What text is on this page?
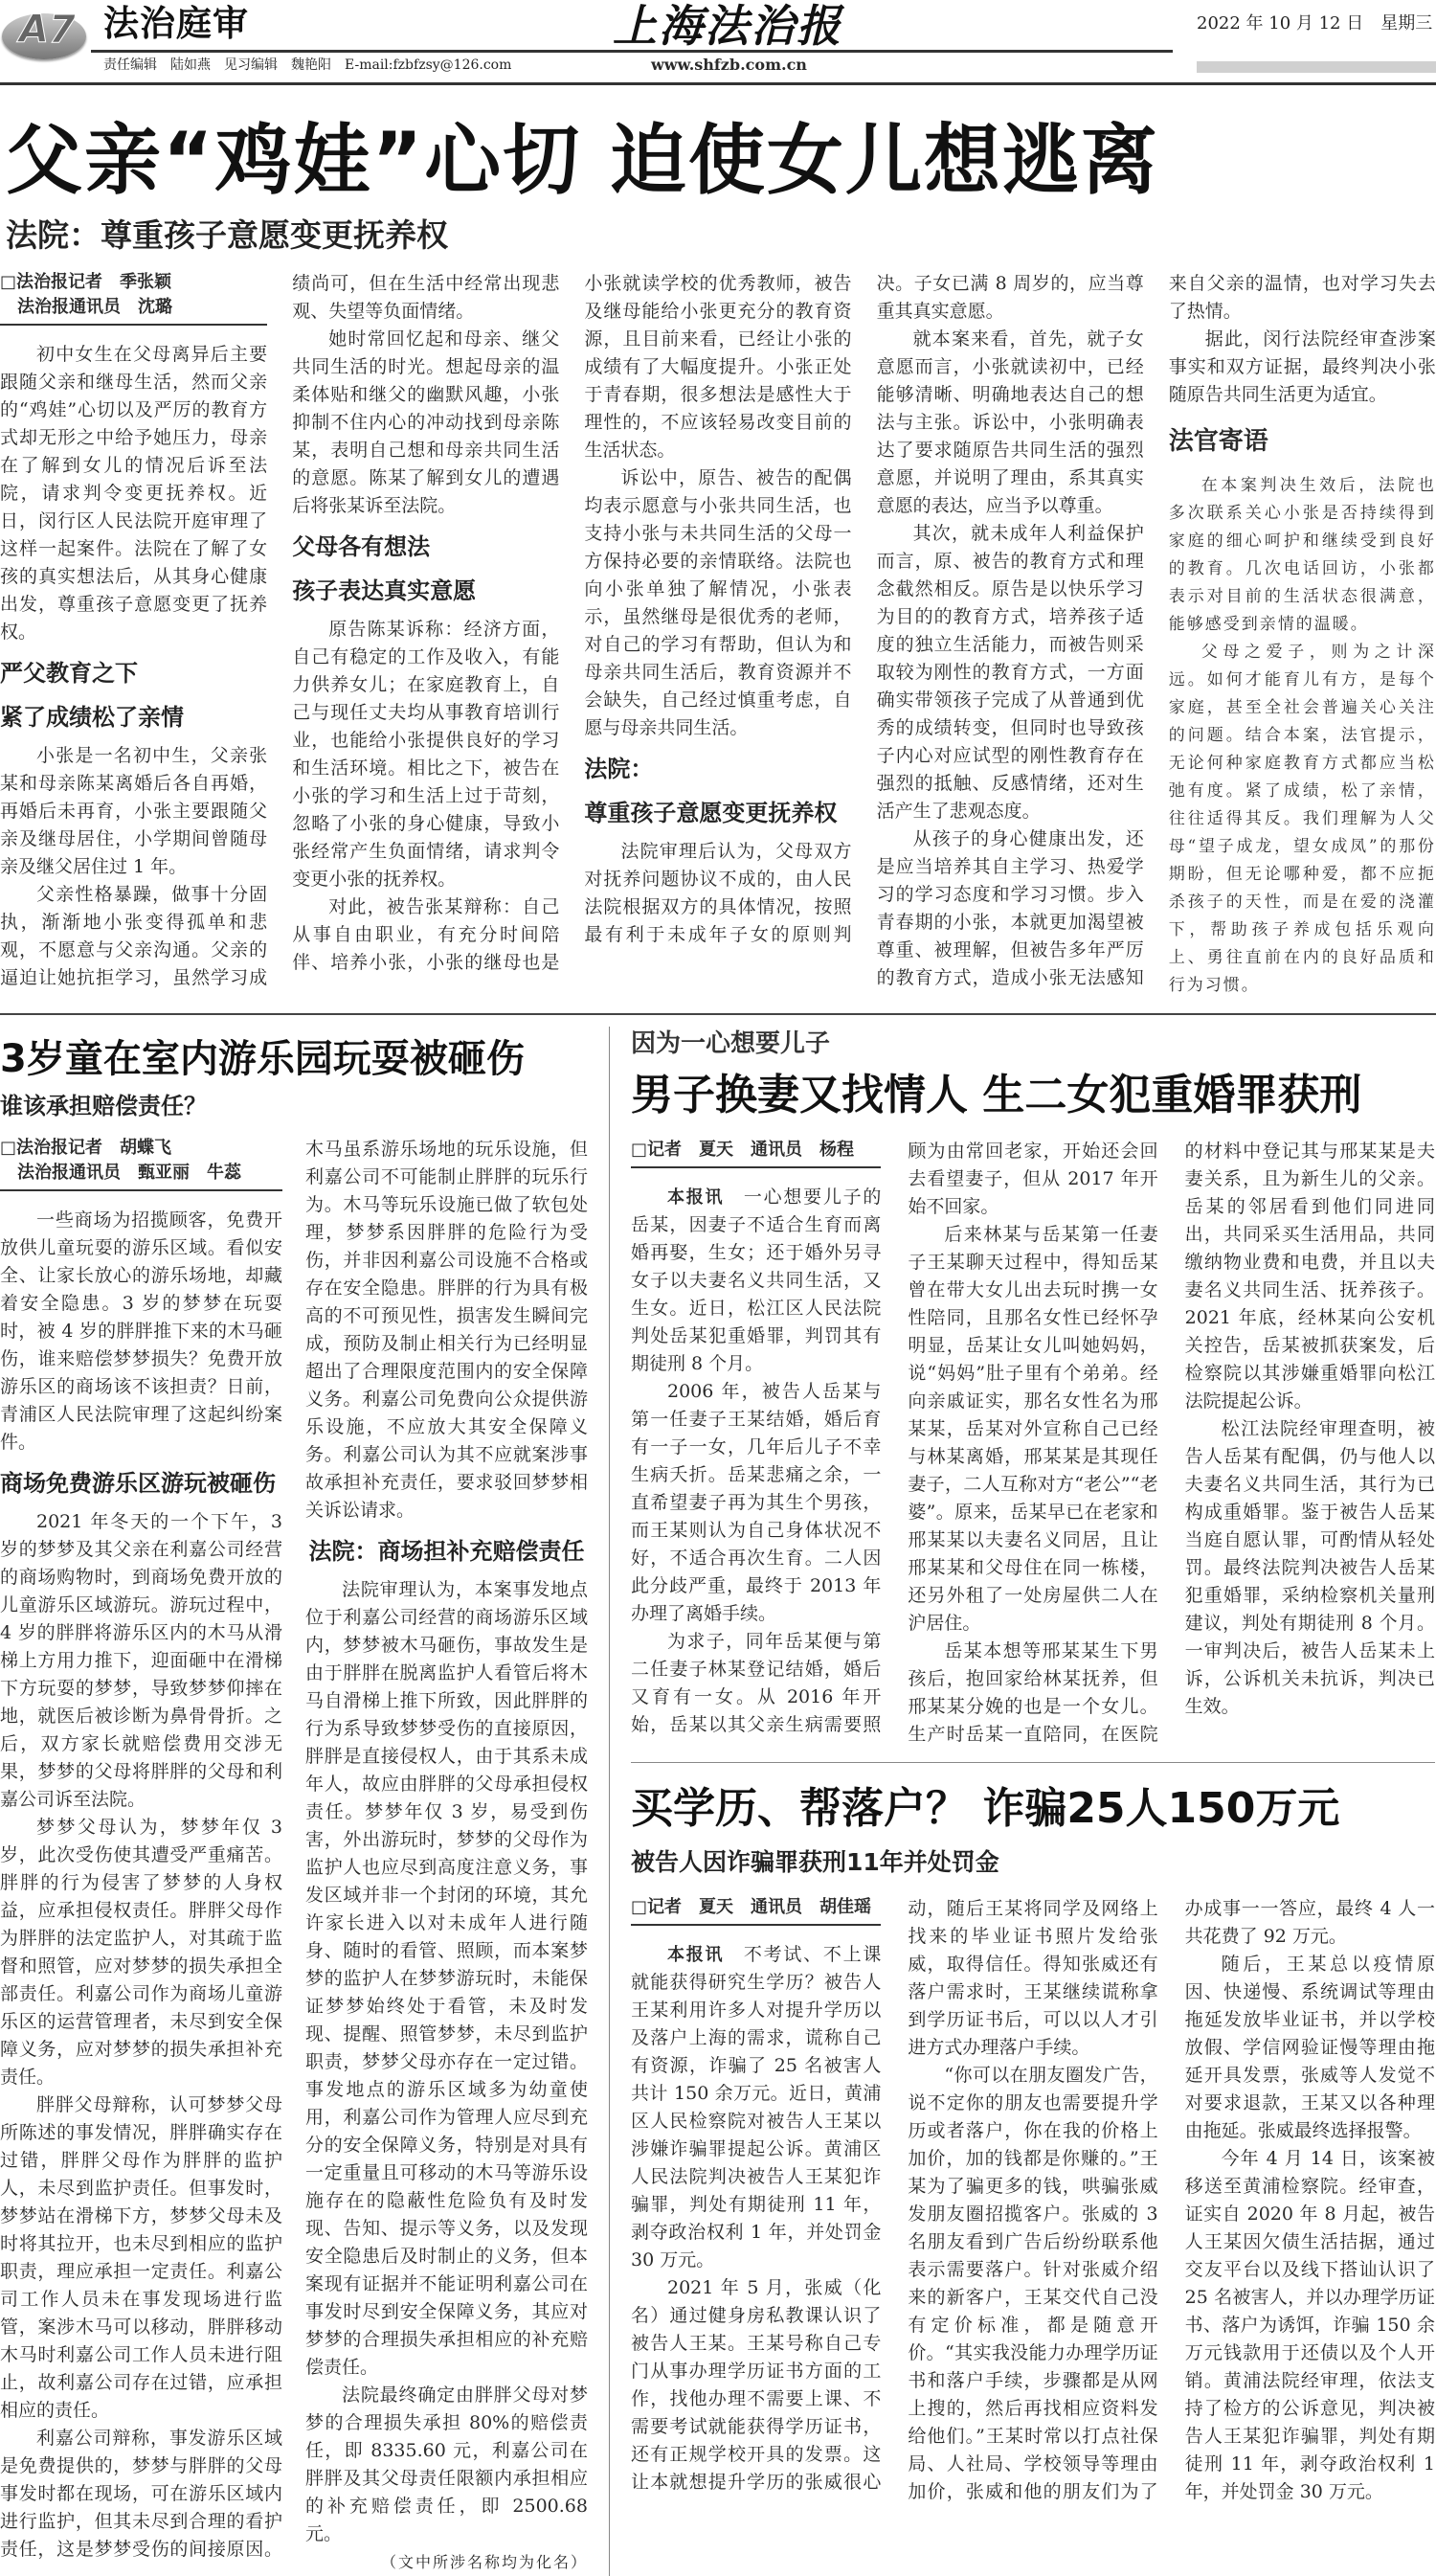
A7 法治庭审
责任编辑　陆如燕　见习编辑　魏艳阳　E-mail:fzbfzsy@126.com
上海法治报
www.shfzb.com.cn
2022 年 10 月 12 日　星期三
父亲“鸡娃”心切 迫使女儿想逃离
法院：尊重孩子意愿变更抚养权
□法治报记者　季张颖
　法治报通讯员　沈璐

初中女生在父母离异后主要跟随父亲和继母生活，然而父亲的“鸡娃”心切以及严厉的教育方式却无形之中给予她压力，母亲在了解到女儿的情况后诉至法院，请求判令变更抚养权。近日，闵行区人民法院开庭审理了这样一起案件。法院在了解了女孩的真实想法后，从其身心健康出发，尊重孩子意愿变更了抚养权。

严父教育之下
紧了成绩松了亲情

小张是一名初中生，父亲张某和母亲陈某离婚后各自再婚，再婚后未再育，小张主要跟随父亲及继母居住，小学期间曾随母亲及继父居住过 1 年。

父亲性格暴躁，做事十分固执，渐渐地小张变得孤单和悲观，不愿意与父亲沟通。父亲的逼迫让她抗拒学习，虽然学习成绩尚可，但在生活中经常出现悲观、失望等负面情绪。

她时常回忆起和母亲、继父共同生活的时光。想起母亲的温柔体贴和继父的幽默风趣，小张抑制不住内心的冲动找到母亲陈某，表明自己想和母亲共同生活的意愿。陈某了解到女儿的遭遇后将张某诉至法院。

父母各有想法
孩子表达真实意愿

原告陈某诉称：经济方面，自己有稳定的工作及收入，有能力供养女儿；在家庭教育上，自己与现任丈夫均从事教育培训行业，也能给小张提供良好的学习和生活环境。相比之下，被告在小张的学习和生活上过于苛刻，忽略了小张的身心健康，导致小张经常产生负面情绪，请求判令变更小张的抚养权。

对此，被告张某辩称：自己从事自由职业，有充分时间陪伴、培养小张，小张的继母也是小张就读学校的优秀教师，被告及继母能给小张更充分的教育资源，且目前来看，已经让小张的成绩有了大幅度提升。小张正处于青春期，很多想法是感性大于理性的，不应该轻易改变目前的生活状态。

诉讼中，原告、被告的配偶均表示愿意与小张共同生活，也支持小张与未共同生活的父母一方保持必要的亲情联络。法院也向小张单独了解情况，小张表示，虽然继母是很优秀的老师，对自己的学习有帮助，但认为和母亲共同生活后，教育资源并不会缺失，自己经过慎重考虑，自愿与母亲共同生活。

法院：
尊重孩子意愿变更抚养权

法院审理后认为，父母双方对抚养问题协议不成的，由人民法院根据双方的具体情况，按照最有利于未成年子女的原则判决。子女已满 8 周岁的，应当尊重其真实意愿。

就本案来看，首先，就子女意愿而言，小张就读初中，已经能够清晰、明确地表达自己的想法与主张。诉讼中，小张明确表达了要求随原告共同生活的强烈意愿，并说明了理由，系其真实意愿的表达，应当予以尊重。

其次，就未成年人利益保护而言，原、被告的教育方式和理念截然相反。原告是以快乐学习为目的的教育方式，培养孩子适度的独立生活能力，而被告则采取较为刚性的教育方式，一方面确实带领孩子完成了从普通到优秀的成绩转变，但同时也导致孩子内心对应试型的刚性教育存在强烈的抵触、反感情绪，还对生活产生了悲观态度。

从孩子的身心健康出发，还是应当培养其自主学习、热爱学习的学习态度和学习习惯。步入青春期的小张，本就更加渴望被尊重、被理解，但被告多年严厉的教育方式，造成小张无法感知来自父亲的温情，也对学习失去了热情。

据此，闵行法院经审查涉案事实和双方证据，最终判决小张随原告共同生活更为适宜。

法官寄语

在本案判决生效后，法院也多次联系关心小张是否持续得到家庭的细心呵护和继续受到良好的教育。几次电话回访，小张都表示对目前的生活状态很满意，能够感受到亲情的温暖。

父母之爱子，则为之计深远。如何才能育儿有方，是每个家庭，甚至全社会普遍关心关注的问题。结合本案，法官提示，无论何种家庭教育方式都应当松弛有度。紧了成绩，松了亲情，往往适得其反。我们理解为人父母“望子成龙，望女成凤”的那份期盼，但无论哪种爱，都不应扼杀孩子的天性，而是在爱的浇灌下，帮助孩子养成包括乐观向上、勇往直前在内的良好品质和行为习惯。

3岁童在室内游乐园玩耍被砸伤
谁该承担赔偿责任？
□法治报记者　胡蝶飞
　法治报通讯员　甄亚丽　牛蕊

一些商场为招揽顾客，免费开放供儿童玩耍的游乐区域。看似安全、让家长放心的游乐场地，却藏着安全隐患。3 岁的梦梦在玩耍时，被 4 岁的胖胖推下来的木马砸伤，谁来赔偿梦梦损失？免费开放游乐区的商场该不该担责？日前，青浦区人民法院审理了这起纠纷案件。

商场免费游乐区游玩被砸伤

2021 年冬天的一个下午，3 岁的梦梦及其父亲在利嘉公司经营的商场购物时，到商场免费开放的儿童游乐区域游玩。游玩过程中，4 岁的胖胖将游乐区内的木马从滑梯上方用力推下，迎面砸中在滑梯下方玩耍的梦梦，导致梦梦仰摔在地，就医后被诊断为鼻骨骨折。之后，双方家长就赔偿费用交涉无果，梦梦的父母将胖胖的父母和利嘉公司诉至法院。

梦梦父母认为，梦梦年仅 3 岁，此次受伤使其遭受严重痛苦。胖胖的行为侵害了梦梦的人身权益，应承担侵权责任。胖胖父母作为胖胖的法定监护人，对其疏于监督和照管，应对梦梦的损失承担全部责任。利嘉公司作为商场儿童游乐区的运营管理者，未尽到安全保障义务，应对梦梦的损失承担补充责任。

胖胖父母辩称，认可梦梦父母所陈述的事发情况，胖胖确实存在过错，胖胖父母作为胖胖的监护人，未尽到监护责任。但事发时，梦梦站在滑梯下方，梦梦父母未及时将其拉开，也未尽到相应的监护职责，理应承担一定责任。利嘉公司工作人员未在事发现场进行监管，案涉木马可以移动，胖胖移动木马时利嘉公司工作人员未进行阻止，故利嘉公司存在过错，应承担相应的责任。

利嘉公司辩称，事发游乐区域是免费提供的，梦梦与胖胖的父母事发时都在现场，可在游乐区域内进行监护，但其未尽到合理的看护责任，这是梦梦受伤的间接原因。木马虽系游乐场地的玩乐设施，但利嘉公司不可能制止胖胖的玩乐行为。木马等玩乐设施已做了软包处理，梦梦系因胖胖的危险行为受伤，并非因利嘉公司设施不合格或存在安全隐患。胖胖的行为具有极高的不可预见性，损害发生瞬间完成，预防及制止相关行为已经明显超出了合理限度范围内的安全保障义务。利嘉公司免费向公众提供游乐设施，不应放大其安全保障义务。利嘉公司认为其不应就案涉事故承担补充责任，要求驳回梦梦相关诉讼请求。

法院：商场担补充赔偿责任

法院审理认为，本案事发地点位于利嘉公司经营的商场游乐区域内，梦梦被木马砸伤，事故发生是由于胖胖在脱离监护人看管后将木马自滑梯上推下所致，因此胖胖的行为系导致梦梦受伤的直接原因，胖胖是直接侵权人，由于其系未成年人，故应由胖胖的父母承担侵权责任。梦梦年仅 3 岁，易受到伤害，外出游玩时，梦梦的父母作为监护人也应尽到高度注意义务，事发区域并非一个封闭的环境，其允许家长进入以对未成年人进行随身、随时的看管、照顾，而本案梦梦的监护人在梦梦游玩时，未能保证梦梦始终处于看管，未及时发现、提醒、照管梦梦，未尽到监护职责，梦梦父母亦存在一定过错。事发地点的游乐区域多为幼童使用，利嘉公司作为管理人应尽到充分的安全保障义务，特别是对具有一定重量且可移动的木马等游乐设施存在的隐蔽性危险负有及时发现、告知、提示等义务，以及发现安全隐患后及时制止的义务，但本案现有证据并不能证明利嘉公司在事发时尽到安全保障义务，其应对梦梦的合理损失承担相应的补充赔偿责任。

法院最终确定由胖胖父母对梦梦的合理损失承担 80%的赔偿责任，即 8335.60 元，利嘉公司在胖胖及其父母责任限额内承担相应的补充赔偿责任，即 2500.68 元。

（文中所涉名称均为化名）
因为一心想要儿子
男子换妻又找情人 生二女犯重婚罪获刑
□记者　夏天　通讯员　杨程

本报讯　一心想要儿子的岳某，因妻子不适合生育而离婚再娶，生女；还于婚外另寻女子以夫妻名义共同生活，又生女。近日，松江区人民法院判处岳某犯重婚罪，判罚其有期徒刑 8 个月。

2006 年，被告人岳某与第一任妻子王某结婚，婚后育有一子一女，几年后儿子不幸生病夭折。岳某悲痛之余，一直希望妻子再为其生个男孩，而王某则认为自己身体状况不好，不适合再次生育。二人因此分歧严重，最终于 2013 年办理了离婚手续。

为求子，同年岳某便与第二任妻子林某登记结婚，婚后又育有一女。从 2016 年开始，岳某以其父亲生病需要照顾为由常回老家，开始还会回去看望妻子，但从 2017 年开始不回家。

后来林某与岳某第一任妻子王某聊天过程中，得知岳某曾在带大女儿出去玩时携一女性陪同，且那名女性已经怀孕明显，岳某让女儿叫她妈妈，说“妈妈”肚子里有个弟弟。经向亲戚证实，那名女性名为邢某某，岳某对外宣称自己已经与林某离婚，邢某某是其现任妻子，二人互称对方“老公”“老婆”。原来，岳某早已在老家和邢某某以夫妻名义同居，且让邢某某和父母住在同一栋楼，还另外租了一处房屋供二人在沪居住。

岳某本想等邢某某生下男孩后，抱回家给林某抚养，但邢某某分娩的也是一个女儿。生产时岳某一直陪同，在医院的材料中登记其与邢某某是夫妻关系，且为新生儿的父亲。岳某的邻居看到他们同进同出，共同采买生活用品，共同缴纳物业费和电费，并且以夫妻名义共同生活、抚养孩子。2021 年底，经林某向公安机关控告，岳某被抓获案发，后检察院以其涉嫌重婚罪向松江法院提起公诉。

松江法院经审理查明，被告人岳某有配偶，仍与他人以夫妻名义共同生活，其行为已构成重婚罪。鉴于被告人岳某当庭自愿认罪，可酌情从轻处罚。最终法院判决被告人岳某犯重婚罪，采纳检察机关量刑建议，判处有期徒刑 8 个月。一审判决后，被告人岳某未上诉，公诉机关未抗诉，判决已生效。

买学历、帮落户？ 诈骗25人150万元
被告人因诈骗罪获刑11年并处罚金
□记者　夏天　通讯员　胡佳瑶

本报讯　不考试、不上课就能获得研究生学历？被告人王某利用许多人对提升学历以及落户上海的需求，谎称自己有资源，诈骗了 25 名被害人共计 150 余万元。近日，黄浦区人民检察院对被告人王某以涉嫌诈骗罪提起公诉。黄浦区人民法院判决被告人王某犯诈骗罪，判处有期徒刑 11 年，剥夺政治权利 1 年，并处罚金 30 万元。

2021 年 5 月，张威（化名）通过健身房私教课认识了被告人王某。王某号称自己专门从事办理学历证书方面的工作，找他办理不需要上课、不需要考试就能获得学历证书，还有正规学校开具的发票。这让本就想提升学历的张威很心动，随后王某将同学及网络上找来的毕业证书照片发给张威，取得信任。得知张威还有落户需求时，王某继续谎称拿到学历证书后，可以以人才引进方式办理落户手续。

“你可以在朋友圈发广告，说不定你的朋友也需要提升学历或者落户，你在我的价格上加价，加的钱都是你赚的。”王某为了骗更多的钱，哄骗张威发朋友圈招揽客户。张威的 3 名朋友看到广告后纷纷联系他表示需要落户。针对张威介绍来的新客户，王某交代自己没有定价标准，都是随意开价。“其实我没能力办理学历证书和落户手续，步骤都是从网上搜的，然后再找相应资料发给他们。”王某时常以打点社保局、人社局、学校领导等理由加价，张威和他的朋友们为了办成事一一答应，最终 4 人一共花费了 92 万元。

随后，王某总以疫情原因、快递慢、系统调试等理由拖延发放毕业证书，并以学校放假、学信网验证慢等理由拖延开具发票，张威等人发觉不对要求退款，王某又以各种理由拖延。张威最终选择报警。

今年 4 月 14 日，该案被移送至黄浦检察院。经审查，证实自 2020 年 8 月起，被告人王某因欠债生活拮据，通过交友平台以及线下搭讪认识了 25 名被害人，并以办理学历证书、落户为诱饵，诈骗 150 余万元钱款用于还债以及个人开销。黄浦法院经审理，依法支持了检方的公诉意见，判决被告人王某犯诈骗罪，判处有期徒刑 11 年，剥夺政治权利 1 年，并处罚金 30 万元。
